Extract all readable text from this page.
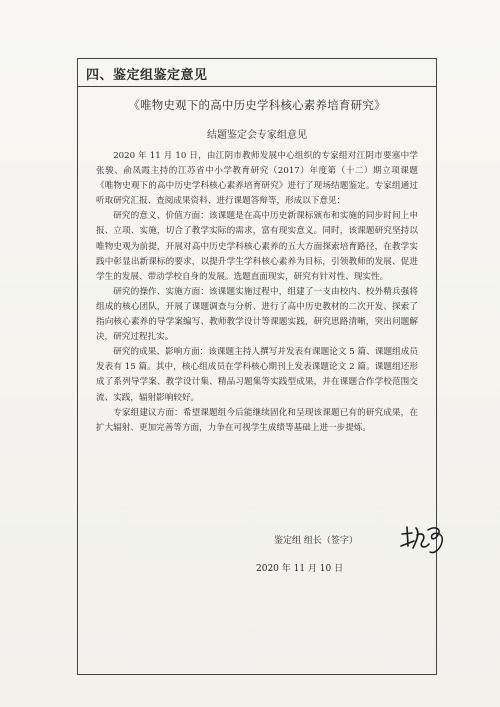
四、鉴定组鉴定意见
《唯物史观下的高中历史学科核心素养培育研究》
结题鉴定会专家组意见

2020 年 11 月 10 日，由江阴市教师发展中心组织的专家组对江阴市要塞中学张骏、俞凤霞主持的江苏省中小学教育研究（2017）年度第（十二）期立项课题《唯物史观下的高中历史学科核心素养培育研究》进行了现场结题鉴定。专家组通过听取研究汇报、查阅成果资料、进行课题答辩等，形成以下意见：

研究的意义、价值方面：该课题是在高中历史新课标颁布和实施的同步时间上申报、立项、实施，切合了教学实际的需求，富有现实意义。同时，该课题研究坚持以唯物史观为前提，开展对高中历史学科核心素养的五大方面探索培育路径，在教学实践中彰显出新课标的要求，以提升学生学科核心素养为目标，引领教师的发展、促进学生的发展、带动学校自身的发展。选题直面现实，研究有针对性、现实性。

研究的操作、实施方面：该课题实施过程中，组建了一支由校内、校外精兵强将组成的核心团队，开展了课题调查与分析、进行了高中历史教材的二次开发、探索了指向核心素养的导学案编写、教师教学设计等课题实践，研究思路清晰，突出问题解决，研究过程扎实。

研究的成果、影响方面：该课题主持人撰写并发表有课题论文 5 篇、课题组成员发表有 15 篇。其中，核心组成员在学科核心期刊上发表课题论文 2 篇。课题组还形成了系列导学案、教学设计集、精品习题集等实践型成果，并在课题合作学校范围交流、实践，辐射影响较好。

专家组建议方面：希望课题组今后能继续固化和呈现该课题已有的研究成果，在扩大辐射、更加完善等方面，力争在可视学生成绩等基础上进一步提炼。

鉴定组 组长（签字）
2020 年 11 月 10 日
